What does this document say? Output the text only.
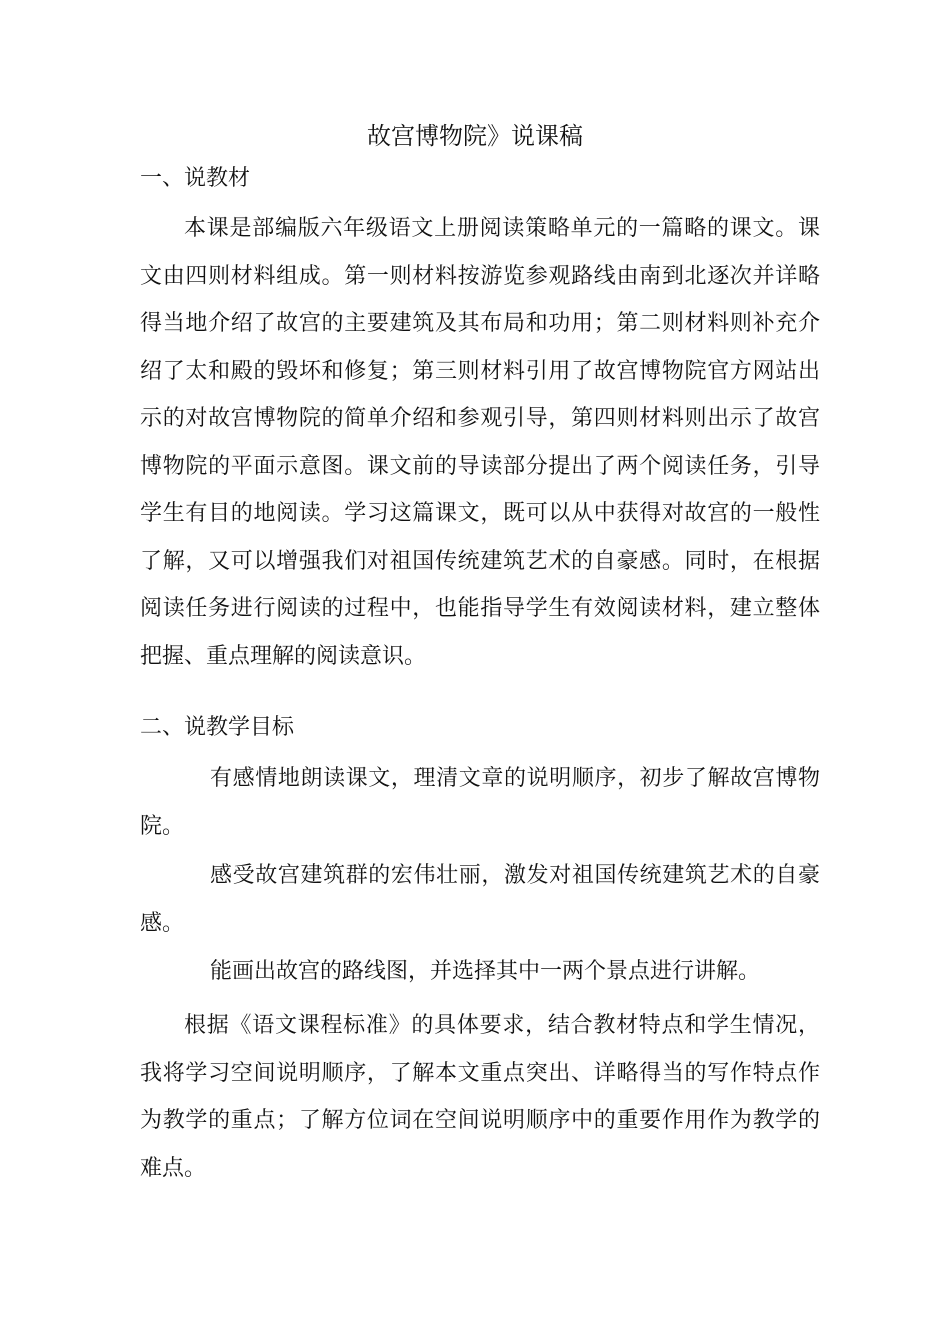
故宫博物院》说课稿
一、说教材

本课是部编版六年级语文上册阅读策略单元的一篇略的课文。课文由四则材料组成。第一则材料按游览参观路线由南到北逐次并详略得当地介绍了故宫的主要建筑及其布局和功用；第二则材料则补充介绍了太和殿的毁坏和修复；第三则材料引用了故宫博物院官方网站出示的对故宫博物院的简单介绍和参观引导，第四则材料则出示了故宫博物院的平面示意图。课文前的导读部分提出了两个阅读任务，引导学生有目的地阅读。学习这篇课文，既可以从中获得对故宫的一般性了解，又可以增强我们对祖国传统建筑艺术的自豪感。同时，在根据阅读任务进行阅读的过程中，也能指导学生有效阅读材料，建立整体把握、重点理解的阅读意识。

二、说教学目标

有感情地朗读课文，理清文章的说明顺序，初步了解故宫博物院。

感受故宫建筑群的宏伟壮丽，激发对祖国传统建筑艺术的自豪感。

能画出故宫的路线图，并选择其中一两个景点进行讲解。

根据《语文课程标准》的具体要求，结合教材特点和学生情况，我将学习空间说明顺序，了解本文重点突出、详略得当的写作特点作为教学的重点；了解方位词在空间说明顺序中的重要作用作为教学的难点。
